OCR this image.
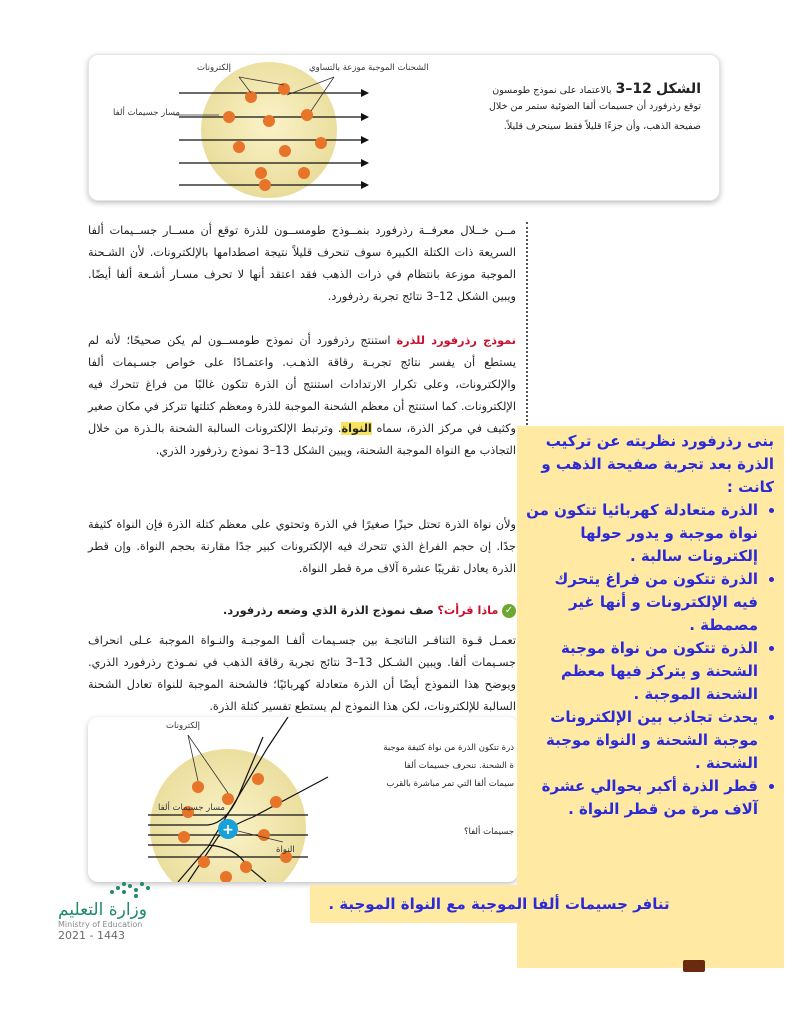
إلكترونات	الشحنات الموجبة موزعة بالتساوي
مسار جسيمات ألفا
الشكل 12–3 بالاعتماد على نموذج طومسون
توقع رذرفورد أن جسيمات ألفا الضوئية ستمر من خلال
صفيحة الذهب، وأن جزءًا قليلاً فقط سينحرف قليلاً.
مــن خــلال معرفــة رذرفورد بنمــوذج طومســون للذرة توقع أن مســار جســيمات ألفا السريعة ذات الكتلة الكبيرة سوف تنحرف قليلاً نتيجة اصطدامها بالإلكترونات. لأن الشـحنة الموجبة موزعة بانتظام في ذرات الذهب فقد اعتقد أنها لا تحرف مسـار أشـعة ألفا أيضًا. ويبين الشكل 12–3 نتائج تجربة رذرفورد.
نموذج رذرفورد للذرة استنتج رذرفورد أن نموذج طومســون لم يكن صحيحًا؛ لأنه لم يستطع أن يفسر نتائج تجربـة رقاقة الذهـب. واعتمـادًا على خواص جسـيمات ألفا والإلكترونات، وعلى تكرار الارتدادات استنتج أن الذرة تتكون غالبًا من فراغ تتحرك فيه الإلكترونات. كما استنتج أن معظم الشحنة الموجبة للذرة ومعظم كتلتها تتركز في مكان صغير وكثيف في مركز الذرة، سماه النواة. وترتبط الإلكترونات السالبة الشحنة بالـذرة من خلال التجاذب مع النواة الموجبة الشحنة، ويبين الشكل 13–3 نموذج رذرفورد الذري.
ولأن نواة الذرة تحتل حيزًا صغيرًا في الذرة وتحتوي على معظم كتلة الذرة فإن النواة كثيفة جدًا. إن حجم الفراغ الذي تتحرك فيه الإلكترونات كبير جدًا مقارنة بحجم النواة. وإن قطر الذرة يعادل تقريبًا عشرة آلاف مرة قطر النواة.
✓ ماذا قرأت؟ صف نموذج الذرة الذي وضعه رذرفورد.
تعمـل قـوة التنافـر الناتجـة بين جسـيمات ألفـا الموجبـة والنـواة الموجبة عـلى انحراف جسـيمات ألفا. ويبين الشـكل 13–3 نتائج تجربة رقاقة الذهب في نمـوذج رذرفورد الذري. ويوضح هذا النموذج أيضًا أن الذرة متعادلة كهربائيًا؛ فالشحنة الموجبة للنواة تعادل الشحنة السالبة للإلكترونات، لكن هذا النموذج لم يستطع تفسير كتلة الذرة.
+
إلكترونات
مسار جسيمات ألفا
النواة
ذرة تتكون الذرة من نواة كثيفة موجبة
ة الشحنة. تنحرف جسيمات ألفا
سيمات ألفا التي تمر مباشرة بالقرب
جسيمات ألفا؟
بنى رذرفورد نظريته عن تركيب الذرة بعد تجربة صفيحة الذهب و كانت :
• الذرة متعادلة كهربائيا تتكون من نواة موجبة و يدور حولها إلكترونات سالبة .
• الذرة تتكون من فراغ يتحرك فيه الإلكترونات و أنها غير مصمطة .
• الذرة تتكون من نواة موجبة الشحنة و يتركز فيها معظم الشحنة الموجبة .
• يحدث تجاذب بين الإلكترونات موجبة الشحنة و النواة موجبة الشحنة .
• قطر الذرة أكبر بحوالي عشرة آلاف مرة من قطر النواة .
تنافر جسيمات ألفا الموجبة مع النواة الموجبة .
وزارة التعليم
Ministry of Education
2021 - 1443
